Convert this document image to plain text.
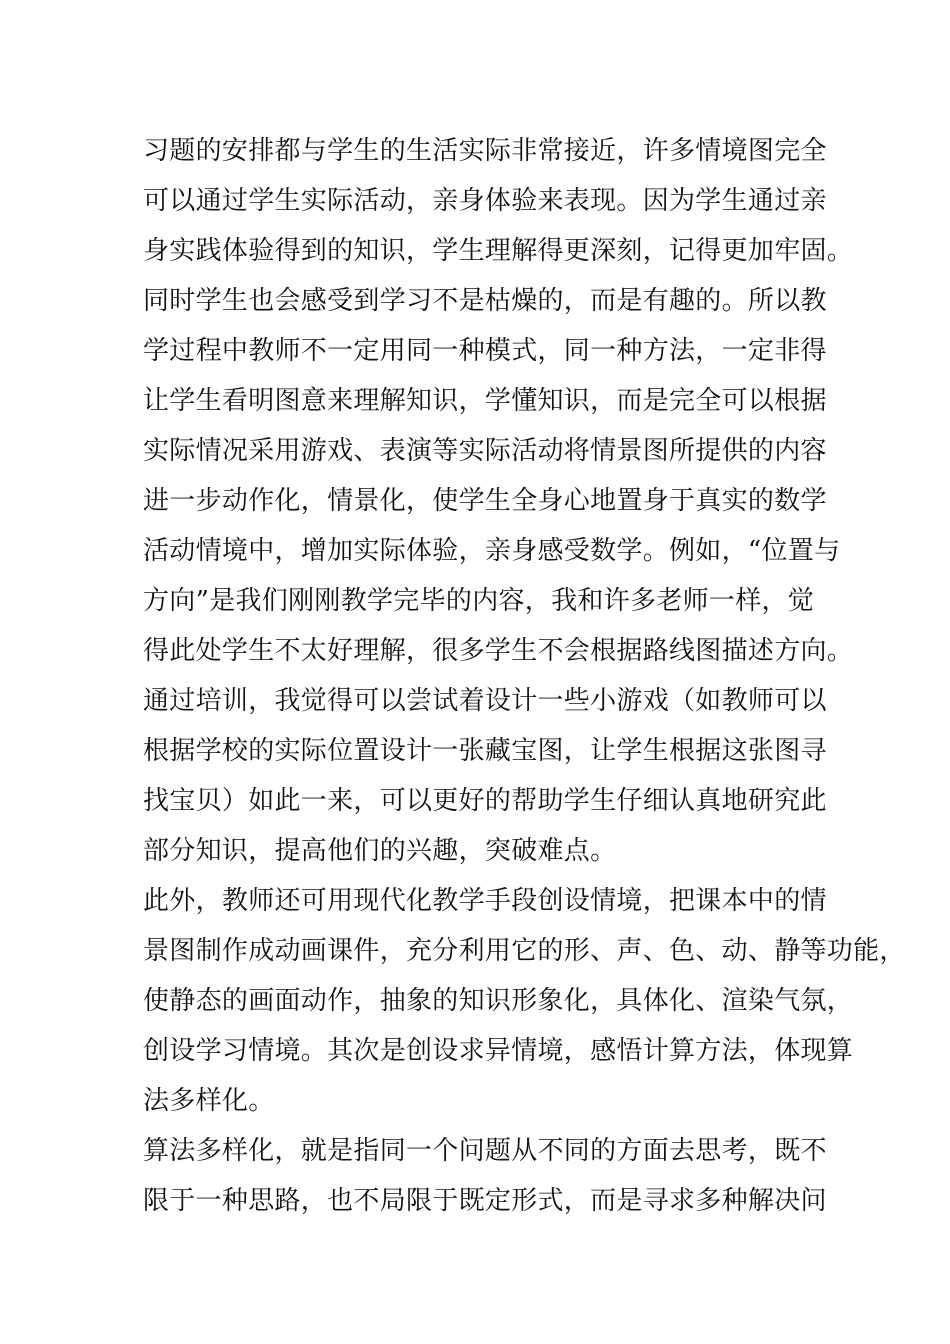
习题的安排都与学生的生活实际非常接近，许多情境图完全
可以通过学生实际活动，亲身体验来表现。因为学生通过亲
身实践体验得到的知识，学生理解得更深刻，记得更加牢固。
同时学生也会感受到学习不是枯燥的，而是有趣的。所以教
学过程中教师不一定用同一种模式，同一种方法，一定非得
让学生看明图意来理解知识，学懂知识，而是完全可以根据
实际情况采用游戏、表演等实际活动将情景图所提供的内容
进一步动作化，情景化，使学生全身心地置身于真实的数学
活动情境中，增加实际体验，亲身感受数学。例如，“位置与
方向”是我们刚刚教学完毕的内容，我和许多老师一样，觉
得此处学生不太好理解，很多学生不会根据路线图描述方向。
通过培训，我觉得可以尝试着设计一些小游戏（如教师可以
根据学校的实际位置设计一张藏宝图，让学生根据这张图寻
找宝贝）如此一来，可以更好的帮助学生仔细认真地研究此
部分知识，提高他们的兴趣，突破难点。
此外，教师还可用现代化教学手段创设情境，把课本中的情
景图制作成动画课件，充分利用它的形、声、色、动、静等功能，
使静态的画面动作，抽象的知识形象化，具体化、渲染气氛，
创设学习情境。其次是创设求异情境，感悟计算方法，体现算
法多样化。
算法多样化，就是指同一个问题从不同的方面去思考，既不
限于一种思路，也不局限于既定形式，而是寻求多种解决问
